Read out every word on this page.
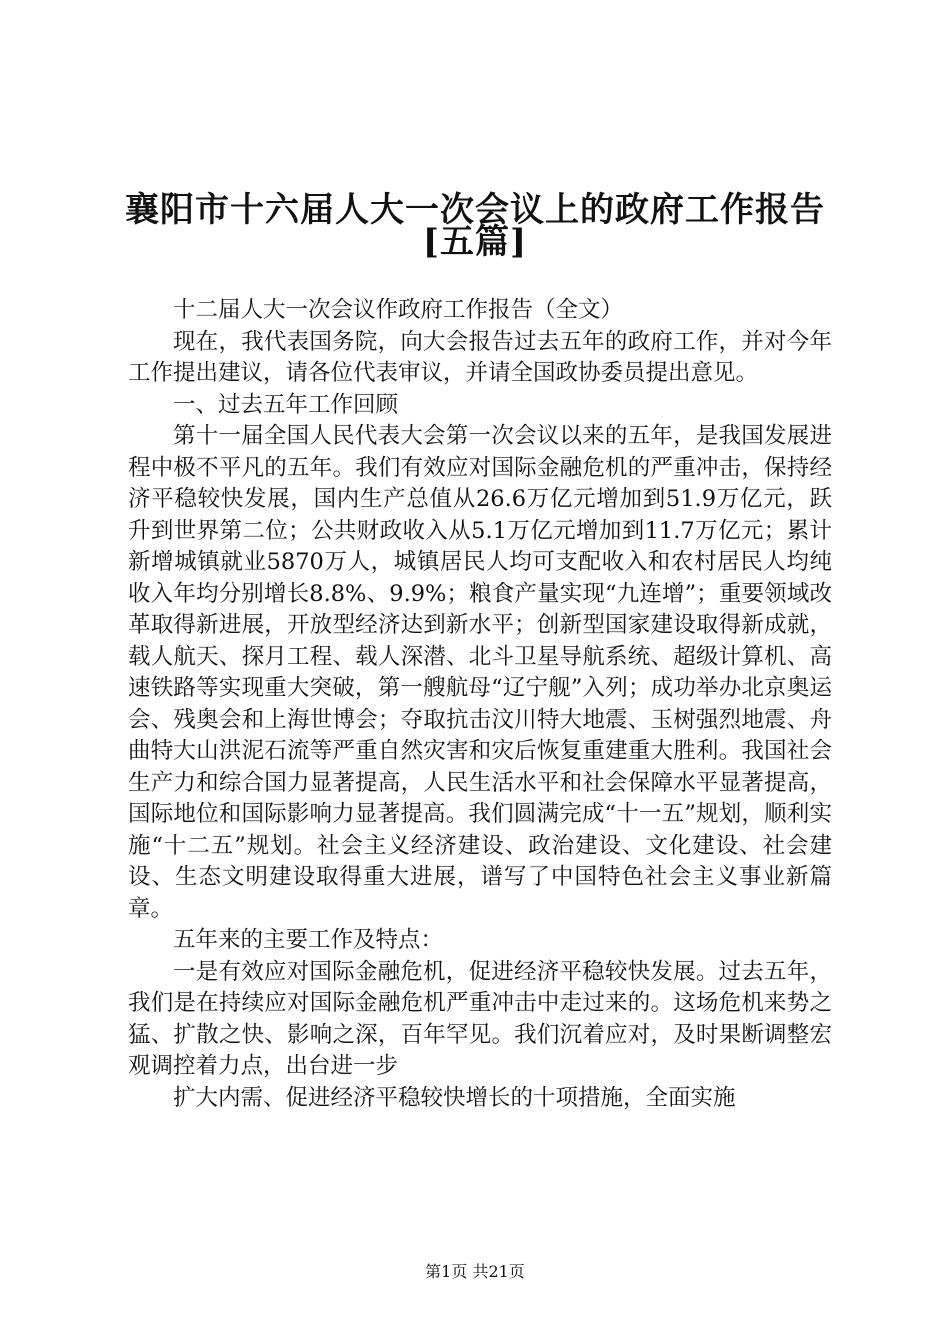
襄阳市十六届人大一次会议上的政府工作报告
[五篇]

十二届人大一次会议作政府工作报告（全文）

现在，我代表国务院，向大会报告过去五年的政府工作，并对今年工作提出建议，请各位代表审议，并请全国政协委员提出意见。

一、过去五年工作回顾

第十一届全国人民代表大会第一次会议以来的五年，是我国发展进程中极不平凡的五年。我们有效应对国际金融危机的严重冲击，保持经济平稳较快发展，国内生产总值从26.6万亿元增加到51.9万亿元，跃升到世界第二位；公共财政收入从5.1万亿元增加到11.7万亿元；累计新增城镇就业5870万人，城镇居民人均可支配收入和农村居民人均纯收入年均分别增长8.8%、9.9%；粮食产量实现“九连增”；重要领域改革取得新进展，开放型经济达到新水平；创新型国家建设取得新成就，载人航天、探月工程、载人深潜、北斗卫星导航系统、超级计算机、高速铁路等实现重大突破，第一艘航母“辽宁舰”入列；成功举办北京奥运会、残奥会和上海世博会；夺取抗击汶川特大地震、玉树强烈地震、舟曲特大山洪泥石流等严重自然灾害和灾后恢复重建重大胜利。我国社会生产力和综合国力显著提高，人民生活水平和社会保障水平显著提高，国际地位和国际影响力显著提高。我们圆满完成“十一五”规划，顺利实施“十二五”规划。社会主义经济建设、政治建设、文化建设、社会建设、生态文明建设取得重大进展，谱写了中国特色社会主义事业新篇章。

五年来的主要工作及特点：

一是有效应对国际金融危机，促进经济平稳较快发展。过去五年，我们是在持续应对国际金融危机严重冲击中走过来的。这场危机来势之猛、扩散之快、影响之深，百年罕见。我们沉着应对，及时果断调整宏观调控着力点，出台进一步

扩大内需、促进经济平稳较快增长的十项措施，全面实施

第1页 共21页
